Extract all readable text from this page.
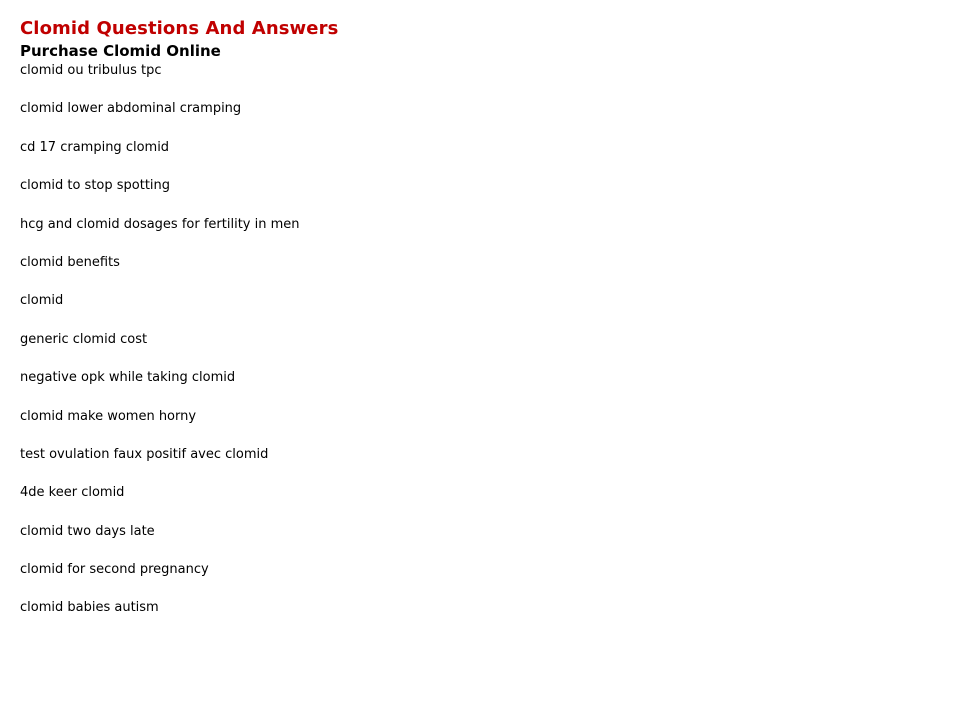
Clomid Questions And Answers
Purchase Clomid Online
clomid ou tribulus tpc
clomid lower abdominal cramping
cd 17 cramping clomid
clomid to stop spotting
hcg and clomid dosages for fertility in men
clomid benefits
clomid
generic clomid cost
negative opk while taking clomid
clomid make women horny
test ovulation faux positif avec clomid
4de keer clomid
clomid two days late
clomid for second pregnancy
clomid babies autism
